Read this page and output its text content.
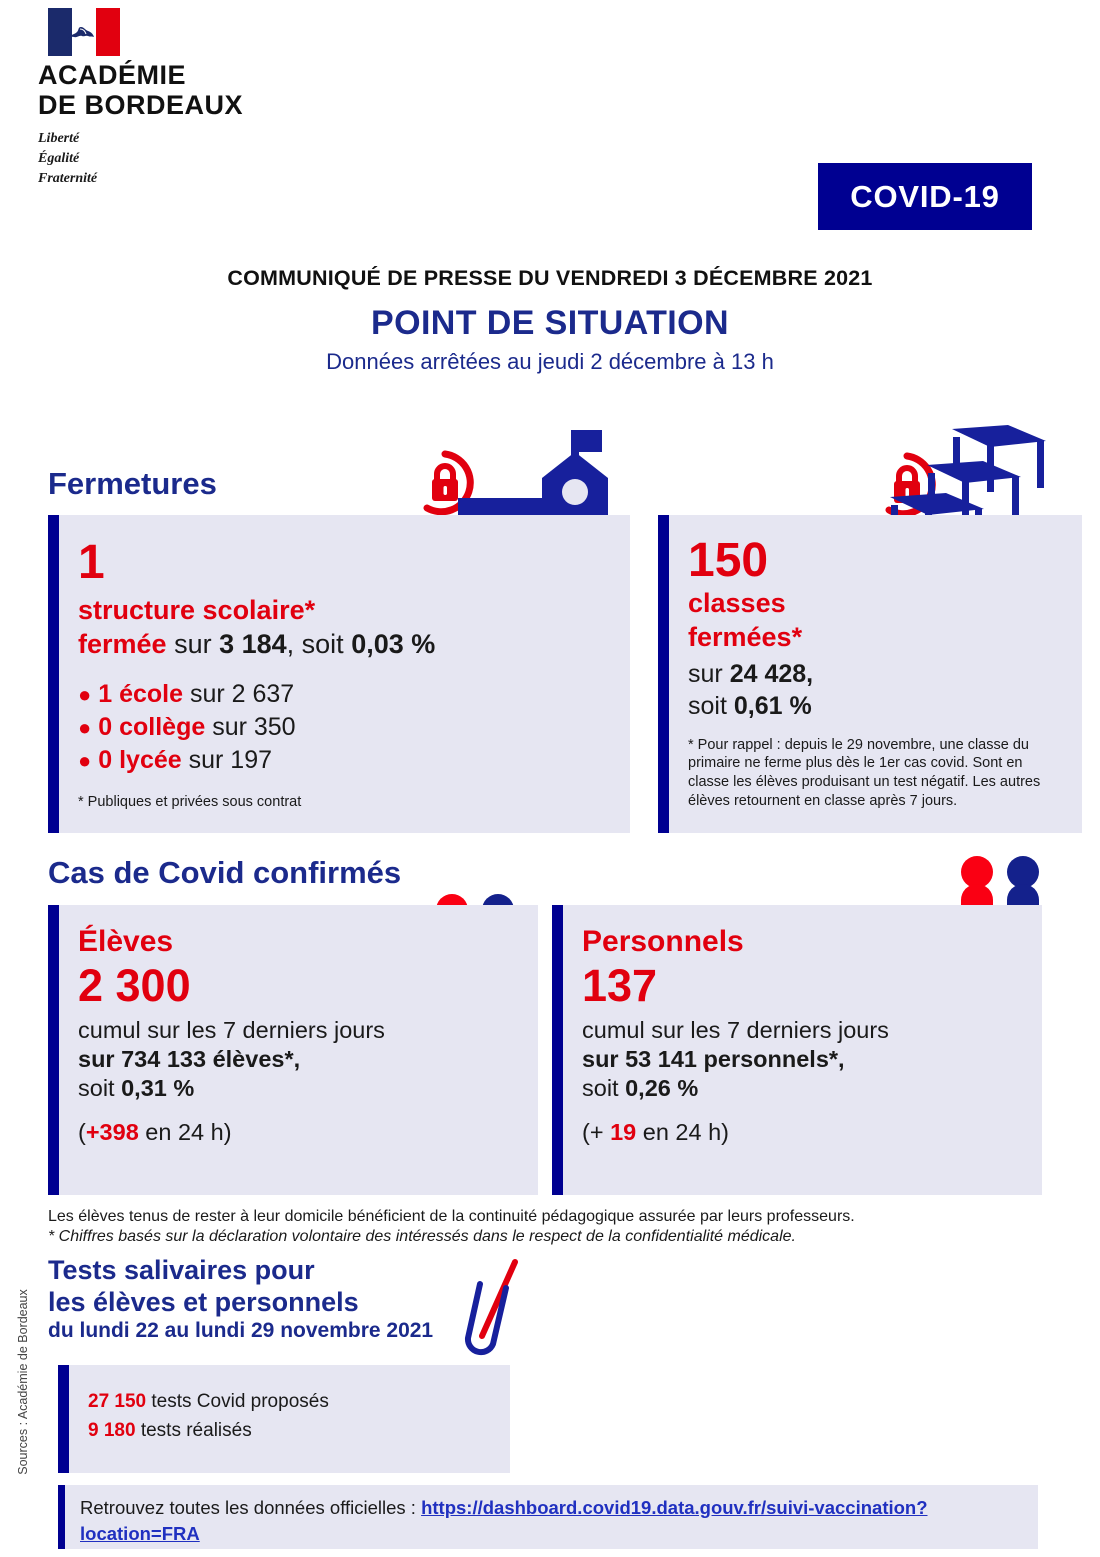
ACADÉMIE
DE BORDEAUX
Liberté
Égalité
Fraternité	COVID-19
COMMUNIQUÉ DE PRESSE DU VENDREDI 3 DÉCEMBRE 2021
POINT DE SITUATION
Données arrêtées au jeudi 2 décembre à 13 h
Fermetures
1
structure scolaire*
fermée sur 3 184, soit 0,03 %
● 1 école sur 2 637
● 0 collège sur 350
● 0 lycée sur 197
* Publiques et privées sous contrat
150
classes
fermées*
sur 24 428,
soit 0,61 %
* Pour rappel : depuis le 29 novembre, une classe du primaire ne ferme plus dès le 1er cas covid. Sont en classe les élèves produisant un test négatif. Les autres élèves retournent en classe après 7 jours.
Cas de Covid confirmés
Élèves
2 300
cumul sur les 7 derniers jours
sur 734 133 élèves*,
soit 0,31 %
(+398 en 24 h)
Personnels
137
cumul sur les 7 derniers jours
sur 53 141 personnels*,
soit 0,26 %
(+ 19 en 24 h)
Les élèves tenus de rester à leur domicile bénéficient de la continuité pédagogique assurée par leurs professeurs.
* Chiffres basés sur la déclaration volontaire des intéressés dans le respect de la confidentialité médicale.
Tests salivaires pour
les élèves et personnels
du lundi 22 au lundi 29 novembre 2021
27 150 tests Covid proposés
9 180 tests réalisés
Retrouvez toutes les données officielles : https://dashboard.covid19.data.gouv.fr/suivi-vaccination?location=FRA
Sources : Académie de Bordeaux
